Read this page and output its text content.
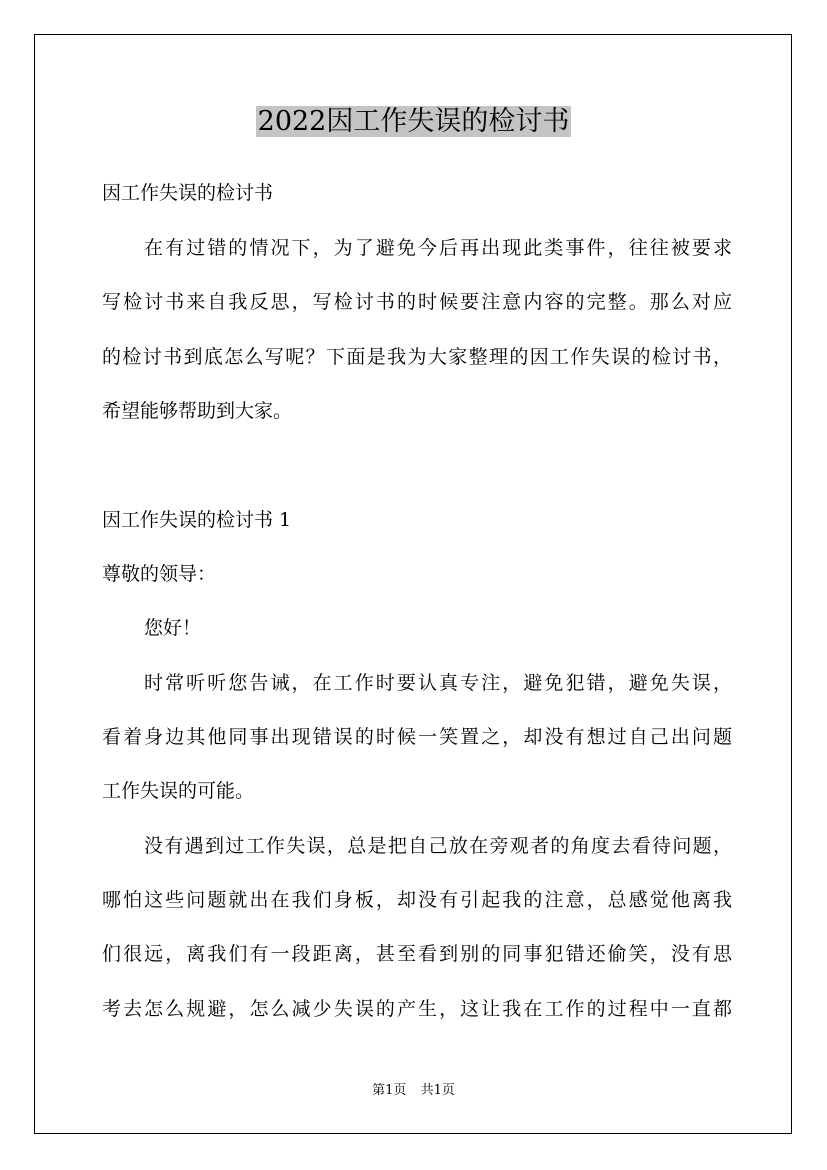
2022因工作失误的检讨书
因工作失误的检讨书
在有过错的情况下，为了避免今后再出现此类事件，往往被要求
写检讨书来自我反思，写检讨书的时候要注意内容的完整。那么对应
的检讨书到底怎么写呢？下面是我为大家整理的因工作失误的检讨书，
希望能够帮助到大家。
因工作失误的检讨书 1
尊敬的领导：
您好！
时常听听您告诫，在工作时要认真专注，避免犯错，避免失误，
看着身边其他同事出现错误的时候一笑置之，却没有想过自己出问题
工作失误的可能。
没有遇到过工作失误，总是把自己放在旁观者的角度去看待问题，
哪怕这些问题就出在我们身板，却没有引起我的注意，总感觉他离我
们很远，离我们有一段距离，甚至看到别的同事犯错还偷笑，没有思
考去怎么规避，怎么减少失误的产生，这让我在工作的过程中一直都
第1页 共1页
